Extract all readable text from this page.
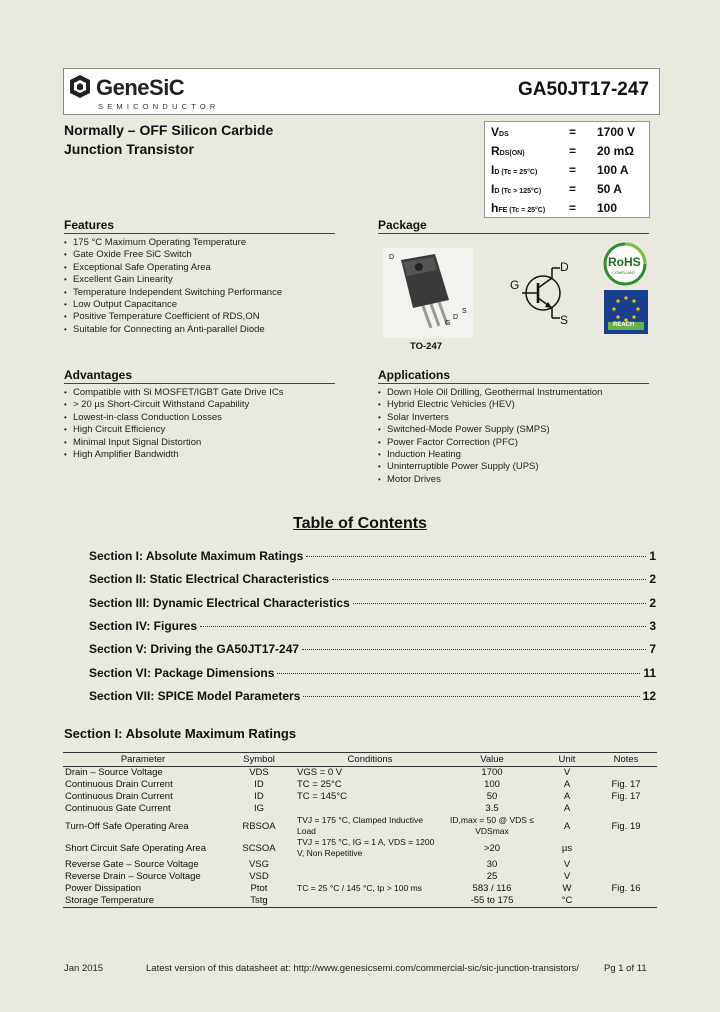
GeneSiC
SEMICONDUCTOR
GA50JT17-247
Normally – OFF Silicon Carbide
Junction Transistor
VDS	= 1700 V
RDS(ON)	= 20 mΩ
ID (Tc = 25°C)	= 100 A
ID (Tc > 125°C) = 50 A
hFE (Tc = 25°C) = 100
Features
• 175 °C Maximum Operating Temperature
• Gate Oxide Free SiC Switch
• Exceptional Safe Operating Area
• Excellent Gain Linearity
• Temperature Independent Switching Performance
• Low Output Capacitance
• Positive Temperature Coefficient of RDS,ON
• Suitable for Connecting an Anti-parallel Diode
Package
D
G
D
S
TO-247
G
D
S
RoHS
COMPLIANT
REACH
Advantages
• Compatible with Si MOSFET/IGBT Gate Drive ICs
• > 20 µs Short-Circuit Withstand Capability
• Lowest-in-class Conduction Losses
• High Circuit Efficiency
• Minimal Input Signal Distortion
• High Amplifier Bandwidth
Applications
• Down Hole Oil Drilling, Geothermal Instrumentation
• Hybrid Electric Vehicles (HEV)
• Solar Inverters
• Switched-Mode Power Supply (SMPS)
• Power Factor Correction (PFC)
• Induction Heating
• Uninterruptible Power Supply (UPS)
• Motor Drives
Table of Contents
Section I: Absolute Maximum Ratings	1
Section II: Static Electrical Characteristics	2
Section III: Dynamic Electrical Characteristics	2
Section IV: Figures	3
Section V: Driving the GA50JT17-247	7
Section VI: Package Dimensions	11
Section VII: SPICE Model Parameters	12
Section I: Absolute Maximum Ratings
Parameter	Symbol	Conditions	Value	Unit	Notes
Drain – Source Voltage	VDS	VGS = 0 V	1700	V	
Continuous Drain Current	ID	TC = 25°C	100	A	Fig. 17
Continuous Drain Current	ID	TC = 145°C	50	A	Fig. 17
Continuous Gate Current	IG		3.5	A	
Turn-Off Safe Operating Area	RBSOA	TVJ = 175 °C, Clamped Inductive Load	ID,max = 50 @ VDS ≤ VDSmax	A	Fig. 19
Short Circuit Safe Operating Area	SCSOA	TVJ = 175 °C, IG = 1 A, VDS = 1200 V, Non Repetitive	>20	µs	
Reverse Gate – Source Voltage	VSG		30	V	
Reverse Drain – Source Voltage	VSD		25	V	
Power Dissipation	Ptot	TC = 25 °C / 145 °C, tp > 100 ms	583 / 116	W	Fig. 16
Storage Temperature	Tstg		-55 to 175	°C	
Jan 2015	Latest version of this datasheet at: http://www.genesicsemi.com/commercial-sic/sic-junction-transistors/	Pg 1 of 11
